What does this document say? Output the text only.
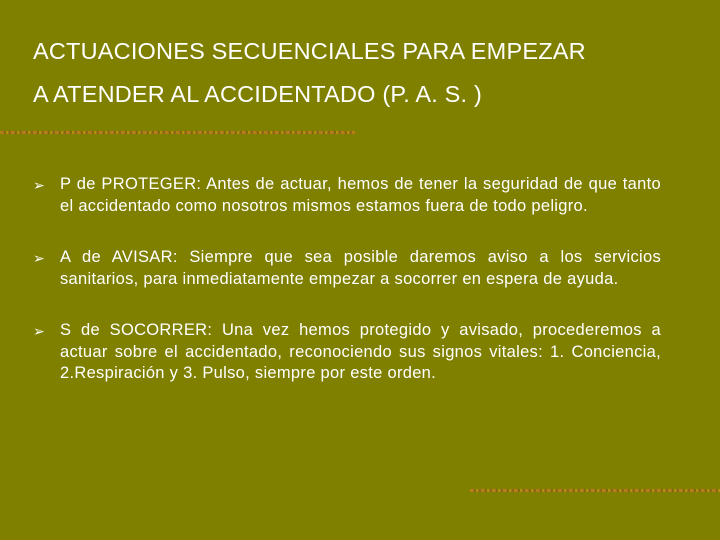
ACTUACIONES SECUENCIALES PARA EMPEZAR
A ATENDER AL ACCIDENTADO (P. A. S. )
➢ P de PROTEGER: Antes de actuar, hemos de tener la seguridad de que tanto el accidentado como nosotros mismos estamos fuera de todo peligro.
➢ A de AVISAR: Siempre que sea posible daremos aviso a los servicios sanitarios, para inmediatamente empezar a socorrer en espera de ayuda.
➢ S de SOCORRER: Una vez hemos protegido y avisado, procederemos a actuar sobre el accidentado, reconociendo sus signos vitales: 1. Conciencia, 2.Respiración y 3. Pulso, siempre por este orden.
